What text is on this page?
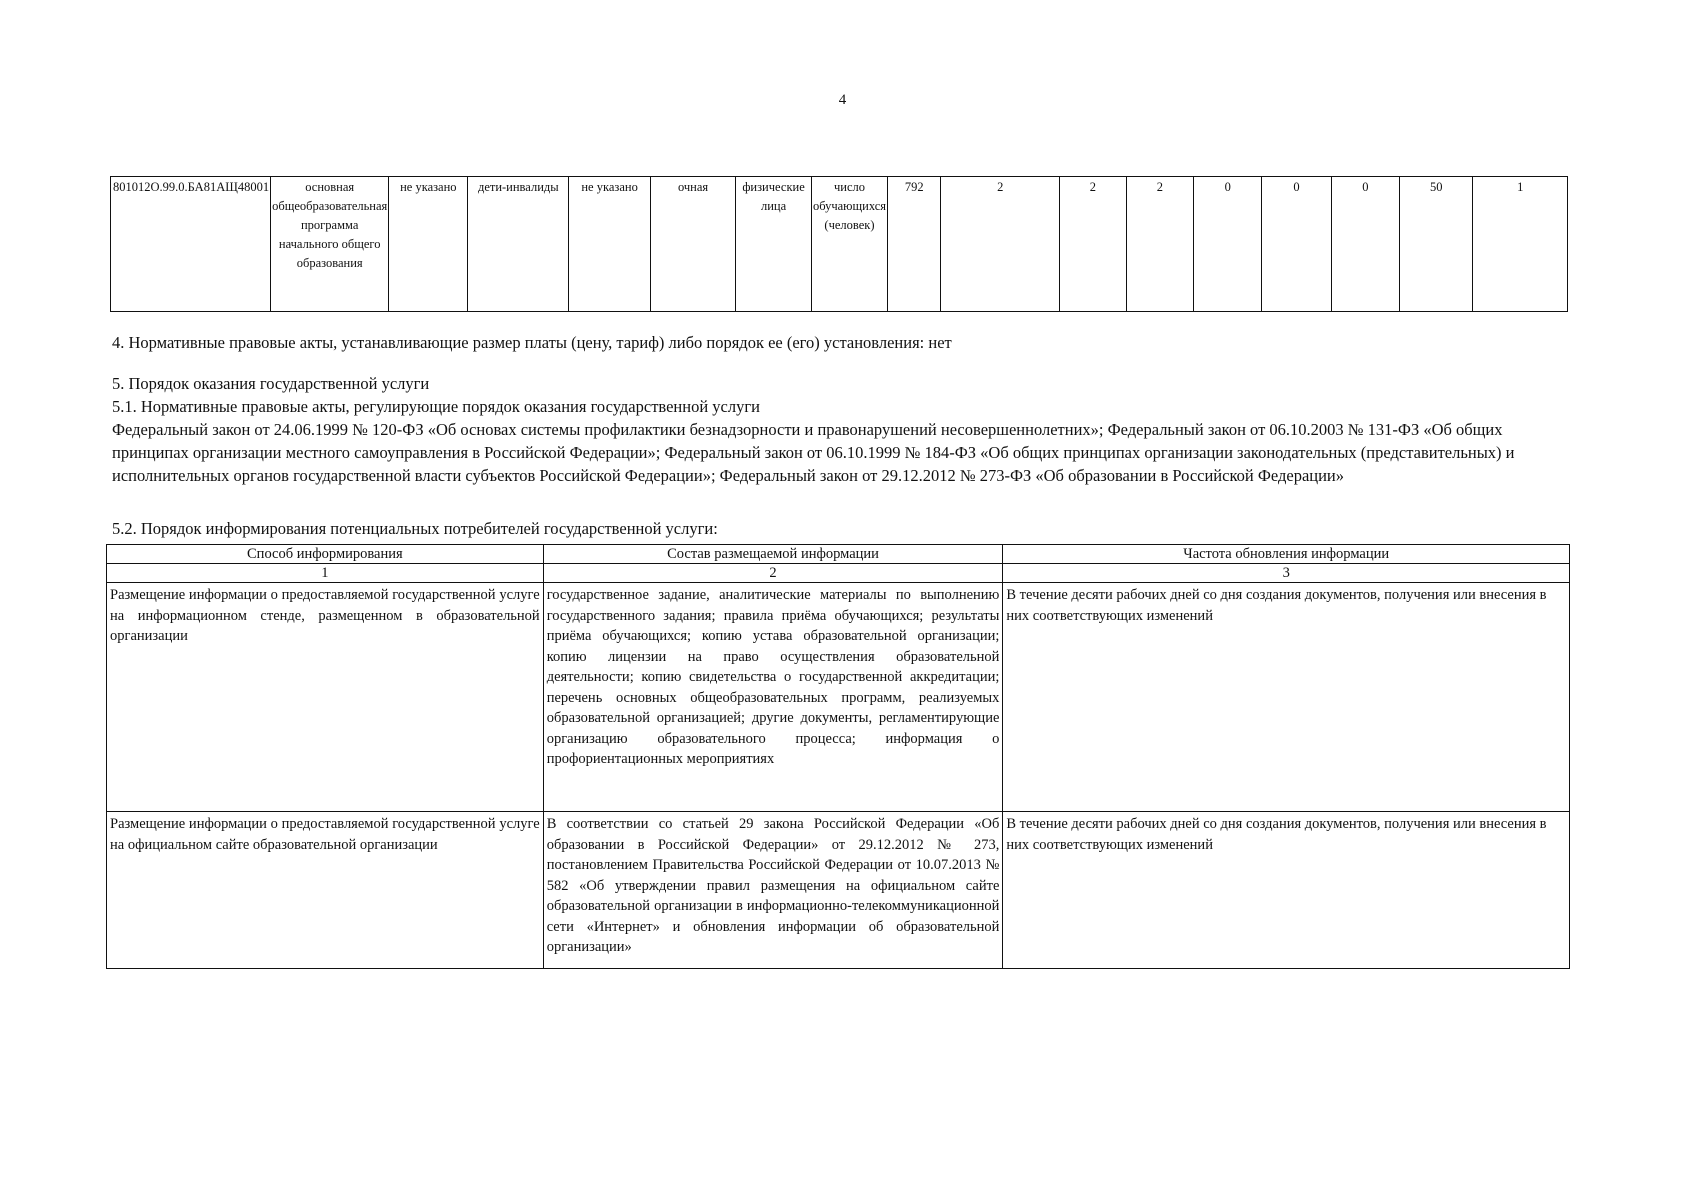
4
801012О.99.0.БА81АЩ48001	основная общеобразовательная программа начального общего образования	не указано	дети-инвалиды	не указано	очная	физические лица	число обучающихся (человек)	792	2	2	2	0	0	0	50	1

4. Нормативные правовые акты, устанавливающие размер платы (цену, тариф) либо порядок ее (его) установления: нет

5. Порядок оказания государственной услуги

5.1. Нормативные правовые акты, регулирующие порядок оказания государственной услуги

Федеральный закон от 24.06.1999 № 120-ФЗ «Об основах системы профилактики безнадзорности и правонарушений несовершеннолетних»; Федеральный закон от 06.10.2003 № 131-ФЗ «Об общих принципах организации местного самоуправления в Российской Федерации»; Федеральный закон от 06.10.1999 № 184-ФЗ «Об общих принципах организации законодательных (представительных) и исполнительных органов государственной власти субъектов Российской Федерации»; Федеральный закон от 29.12.2012 № 273-ФЗ «Об образовании в Российской Федерации»

5.2. Порядок информирования потенциальных потребителей государственной услуги:

Способ информирования	Состав размещаемой информации	Частота обновления информации
1	2	3
Размещение информации о предоставляемой государственной услуге на информационном стенде, размещенном в образовательной организации	государственное задание, аналитические материалы по выполнению государственного задания; правила приёма обучающихся; результаты приёма обучающихся; копию устава образовательной организации; копию лицензии на право осуществления образовательной деятельности; копию свидетельства о государственной аккредитации; перечень основных общеобразовательных программ, реализуемых образовательной организацией; другие документы, регламентирующие организацию образовательного процесса; информация о профориентационных мероприятиях	В течение десяти рабочих дней со дня создания документов, получения или внесения в них соответствующих изменений
Размещение информации о предоставляемой государственной услуге на официальном сайте образовательной организации	В соответствии со статьей 29 закона Российской Федерации «Об образовании в Российской Федерации» от 29.12.2012 № 273, постановлением Правительства Российской Федерации от 10.07.2013 № 582 «Об утверждении правил размещения на официальном сайте образовательной организации в информационно-телекоммуникационной сети «Интернет» и обновления информации об образовательной организации»	В течение десяти рабочих дней со дня создания документов, получения или внесения в них соответствующих изменений
